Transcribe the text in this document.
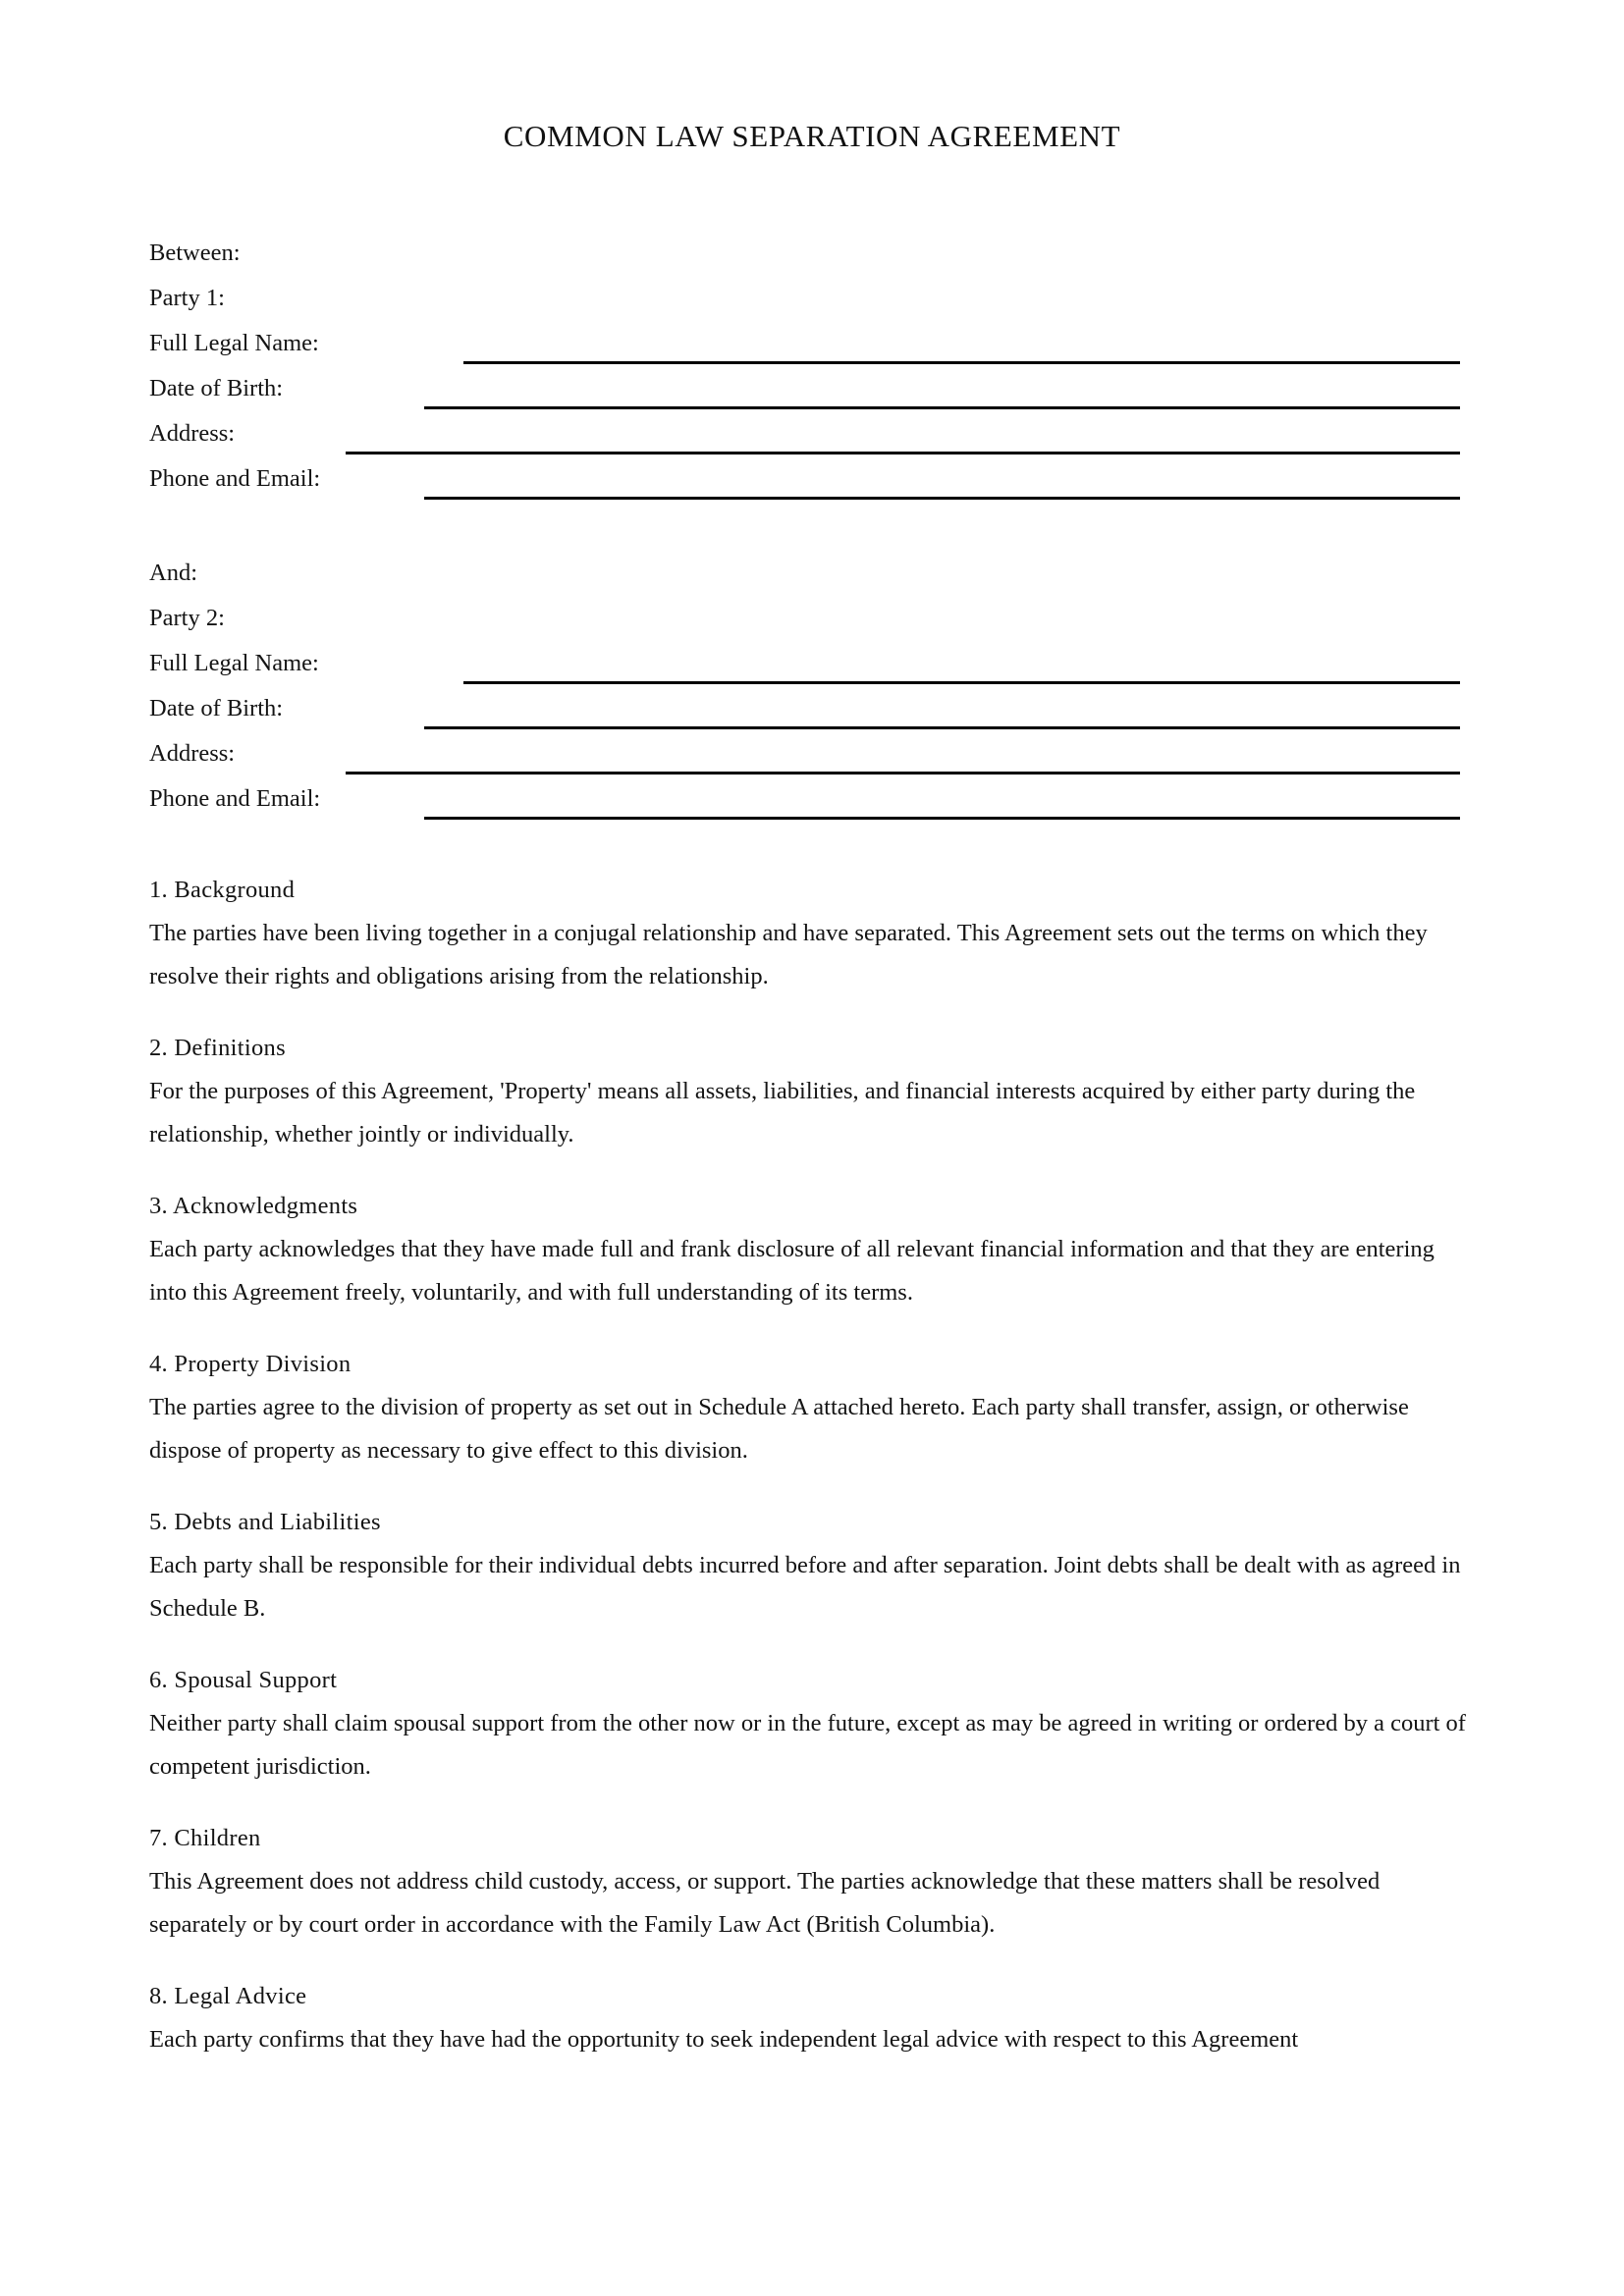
COMMON LAW SEPARATION AGREEMENT
Between:
Party 1:
Full Legal Name:
Date of Birth:
Address:
Phone and Email:
And:
Party 2:
Full Legal Name:
Date of Birth:
Address:
Phone and Email:
1. Background
The parties have been living together in a conjugal relationship and have separated. This Agreement sets out the terms on which they resolve their rights and obligations arising from the relationship.
2. Definitions
For the purposes of this Agreement, 'Property' means all assets, liabilities, and financial interests acquired by either party during the relationship, whether jointly or individually.
3. Acknowledgments
Each party acknowledges that they have made full and frank disclosure of all relevant financial information and that they are entering into this Agreement freely, voluntarily, and with full understanding of its terms.
4. Property Division
The parties agree to the division of property as set out in Schedule A attached hereto. Each party shall transfer, assign, or otherwise dispose of property as necessary to give effect to this division.
5. Debts and Liabilities
Each party shall be responsible for their individual debts incurred before and after separation. Joint debts shall be dealt with as agreed in Schedule B.
6. Spousal Support
Neither party shall claim spousal support from the other now or in the future, except as may be agreed in writing or ordered by a court of competent jurisdiction.
7. Children
This Agreement does not address child custody, access, or support. The parties acknowledge that these matters shall be resolved separately or by court order in accordance with the Family Law Act (British Columbia).
8. Legal Advice
Each party confirms that they have had the opportunity to seek independent legal advice with respect to this Agreement
